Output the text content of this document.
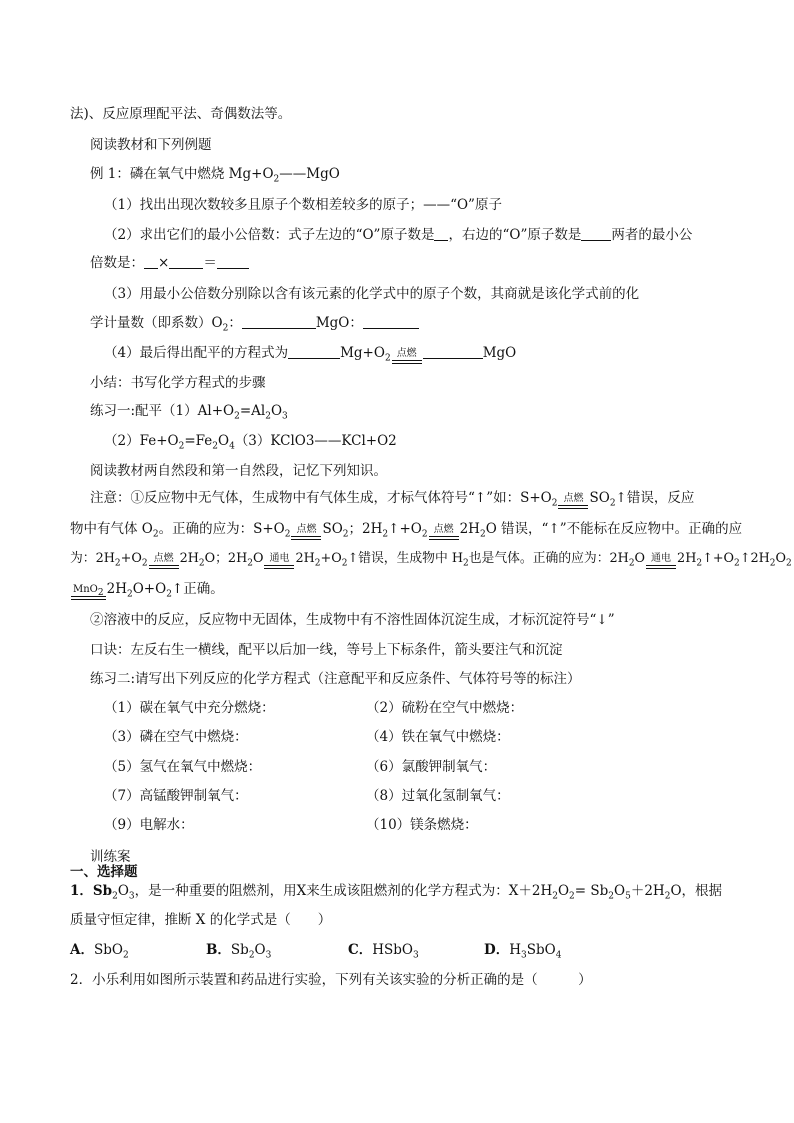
法)、反应原理配平法、奇偶数法等。
阅读教材和下列例题
例 1：磷在氧气中燃烧 $Mg+O_2——MgO$
（1）找出出现次数较多且原子个数相差较多的原子；——“O”原子
（2）求出它们的最小公倍数：式子左边的“O”原子数是 ，右边的“O”原子数是 两者的最小公
倍数是： ×	＝
（3）用最小公倍数分别除以含有该元素的化学式中的原子个数，其商就是该化学式前的化
学计量数（即系数）$O_2$：	MgO：
（4）最后得出配平的方程式为	$Mg+O_2$ 点燃	MgO
小结：书写化学方程式的步骤
练习一:配平$(1)Al+O_2=Al_2O_3$
$(2)Fe+O_2=Fe_2O_4(3)KClO3——KCl+O2$
阅读教材两自然段和第一自然段，记忆下列知识。
注意：①反应物中无气体，生成物中有气体生成，才标气体符号“↑”如：$S+O_2$ 点燃 $SO_2↑$错误，反应
物中有气体 $O_2$。正确的应为：$S+O_2$ 点燃 $SO_2$；$2H_2↑+O_2$ 点燃 $2H_2O$ 错误，“↑”不能标在反应物中。正确的应
为：$2H_2+O_2$ 点燃 $2H_2O$；$2H_2O$ 通电 $2H_2+O_2↑$错误，生成物中 $H_2$也是气体。正确的应为：$2H_2O$ 通电 $2H_2↑+O_2↑2H_2O_2$
MnO$_2$ $2H_2O+O_2↑$正确。
②溶液中的反应，反应物中无固体，生成物中有不溶性固体沉淀生成，才标沉淀符号“↓”
口诀：左反右生一横线，配平以后加一线，等号上下标条件，箭头要注气和沉淀
练习二:请写出下列反应的化学方程式（注意配平和反应条件、气体符号等的标注）
（1）碳在氧气中充分燃烧：	（2）硫粉在空气中燃烧：
（3）磷在空气中燃烧：	（4）铁在氧气中燃烧：
（5）氢气在氧气中燃烧：	（6）氯酸钾制氧气：
（7）高锰酸钾制氧气：	（8）过氧化氢制氧气：
（9）电解水：	（10）镁条燃烧：
训练案
一、选择题
1．$Sb_2O_3$，是一种重要的阻燃剂，用X来生成该阻燃剂的化学方程式为：$X+2H_2O_2= Sb_2O_5+2H_2O$，根据
质量守恒定律，推断 X 的化学式是（　　）
A．SbO$_2$	B．$Sb_2O_3$	C．HSbO$_3$	D．$H_3SbO_4$
2．小乐利用如图所示装置和药品进行实验，下列有关该实验的分析正确的是（　　　）
